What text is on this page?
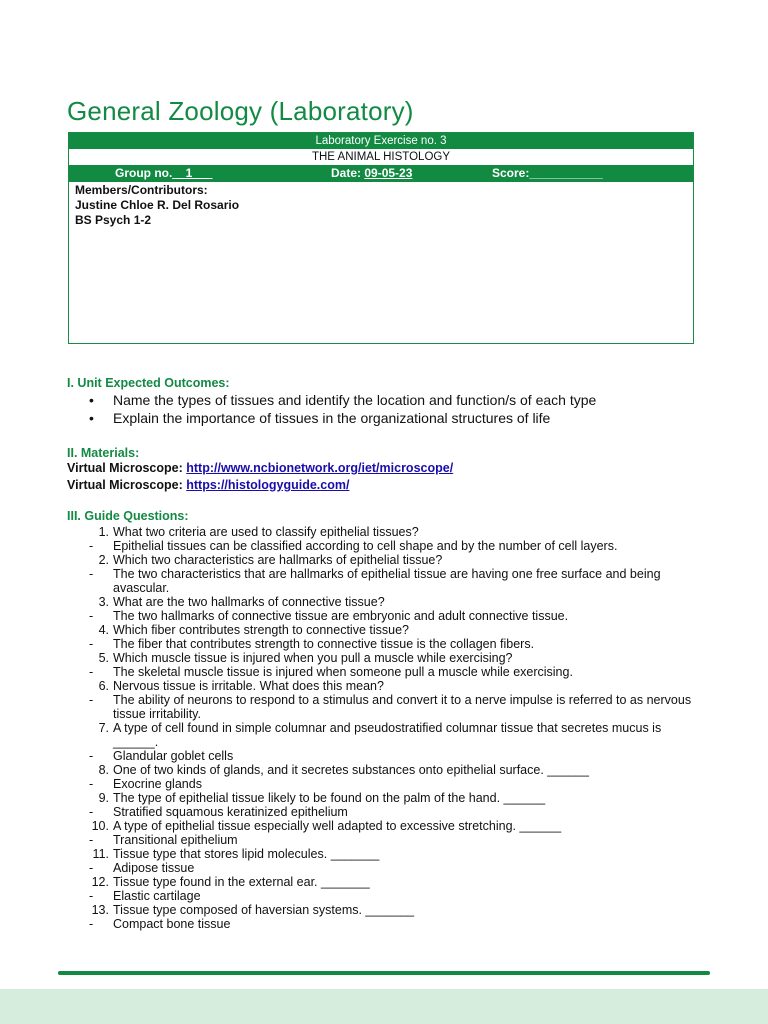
General Zoology (Laboratory)
Laboratory Exercise no. 3
THE ANIMAL HISTOLOGY
Group no.__1___	Date: 09-05-23	Score:___________
Members/Contributors:
Justine Chloe R. Del Rosario
BS Psych 1-2

I. Unit Expected Outcomes:

• Name the types of tissues and identify the location and function/s of each type
• Explain the importance of tissues in the organizational structures of life

II. Materials:

Virtual Microscope: http://www.ncbionetwork.org/iet/microscope/
Virtual Microscope: https://histologyguide.com/

III. Guide Questions:

1. What two criteria are used to classify epithelial tissues?
-	Epithelial tissues can be classified according to cell shape and by the number of cell layers.
2. Which two characteristics are hallmarks of epithelial tissue?
-	The two characteristics that are hallmarks of epithelial tissue are having one free surface and being avascular.
3. What are the two hallmarks of connective tissue?
-	The two hallmarks of connective tissue are embryonic and adult connective tissue.
4. Which fiber contributes strength to connective tissue?
-	The fiber that contributes strength to connective tissue is the collagen fibers.
5. Which muscle tissue is injured when you pull a muscle while exercising?
-	The skeletal muscle tissue is injured when someone pull a muscle while exercising.
6. Nervous tissue is irritable. What does this mean?
-	The ability of neurons to respond to a stimulus and convert it to a nerve impulse is referred to as nervous tissue irritability.
7. A type of cell found in simple columnar and pseudostratified columnar tissue that secretes mucus is ______.
-	Glandular goblet cells
8. One of two kinds of glands, and it secretes substances onto epithelial surface. ______
-	Exocrine glands
9. The type of epithelial tissue likely to be found on the palm of the hand. ______
-	Stratified squamous keratinized epithelium
10. A type of epithelial tissue especially well adapted to excessive stretching. ______
-	Transitional epithelium
11. Tissue type that stores lipid molecules. _______
-	Adipose tissue
12. Tissue type found in the external ear. _______
-	Elastic cartilage
13. Tissue type composed of haversian systems. _______
-	Compact bone tissue
